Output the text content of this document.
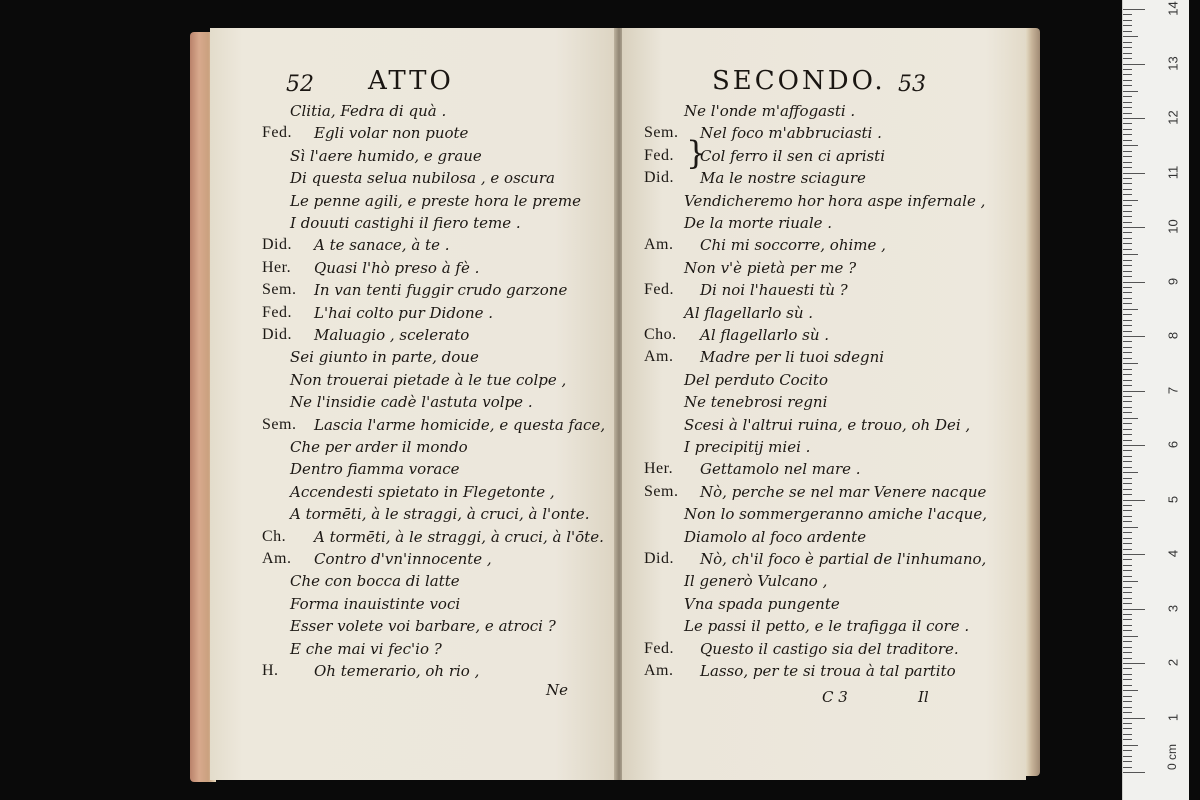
52 ATTO

Clitia, Fedra di quà .
Fed. Egli volar non puote
Sì l'aere humido, e graue
Di questa selua nubilosa , e oscura
Le penne agili, e preste hora le preme
I douuti castighi il fiero teme .
Did. A te sanace, à te .
Her. Quasi l'hò preso à fè .
Sem. In van tenti fuggir crudo garzone
Fed. L'hai colto pur Didone .
Did. Maluagio , scelerato
Sei giunto in parte, doue
Non trouerai pietade à le tue colpe ,
Ne l'insidie cadè l'astuta volpe .
Sem. Lascia l'arme homicide, e questa face,
Che per arder il mondo
Dentro fiamma vorace
Accendesti spietato in Flegetonte ,
A tormēti, à le straggi, à cruci, à l'onte.
Ch. A tormēti, à le straggi, à cruci, à l'ōte.
Am. Contro d'vn'innocente ,
Che con bocca di latte
Forma inauistinte voci
Esser volete voi barbare, e atroci ?
E che mai vi fec'io ?
H. Oh temerario, oh rio ,
Ne
SECONDO. 53
}
Ne l'onde m'affogasti .
Sem. Nel foco m'abbruciasti .
Fed. Col ferro il sen ci apristi
Did. Ma le nostre sciagure
Vendicheremo hor hora aspe infernale ,
De la morte riuale .
Am. Chi mi soccorre, ohime ,
Non v'è pietà per me ?
Fed. Di noi l'hauesti tù ?
Al flagellarlo sù .
Cho. Al flagellarlo sù .
Am. Madre per li tuoi sdegni
Del perduto Cocito
Ne tenebrosi regni
Scesi à l'altrui ruina, e trouo, oh Dei ,
I precipitij miei .
Her. Gettamolo nel mare .
Sem. Nò, perche se nel mar Venere nacque
Non lo sommergeranno amiche l'acque,
Diamolo al foco ardente
Did. Nò, ch'il foco è partial de l'inhumano,
Il generò Vulcano ,
Vna spada pungente
Le passi il petto, e le trafigga il core .
Fed. Questo il castigo sia del traditore.
Am. Lasso, per te si troua à tal partito
C 3	Il
0 cm
1
2
3
4
5
6
7
8
9
10
11
12
13
14
